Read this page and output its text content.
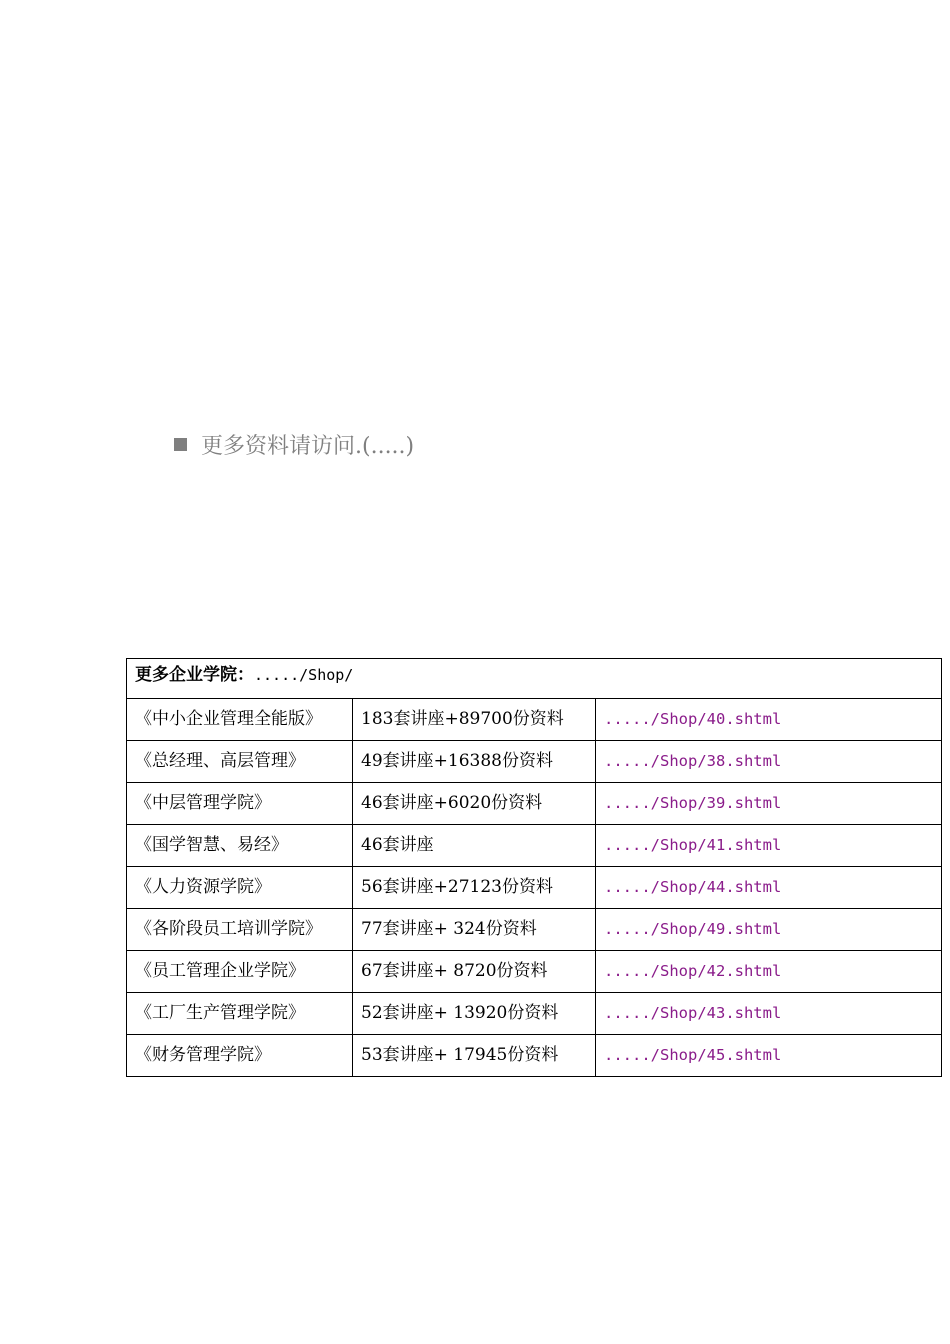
更多资料请访问.(.....)
更多企业学院：...../Shop/		
《中小企业管理全能版》	183套讲座+89700份资料	...../Shop/40.shtml
《总经理、高层管理》	49套讲座+16388份资料	...../Shop/38.shtml
《中层管理学院》	46套讲座+6020份资料	...../Shop/39.shtml
《国学智慧、易经》	46套讲座	...../Shop/41.shtml
《人力资源学院》	56套讲座+27123份资料	...../Shop/44.shtml
《各阶段员工培训学院》	77套讲座+ 324份资料	...../Shop/49.shtml
《员工管理企业学院》	67套讲座+ 8720份资料	...../Shop/42.shtml
《工厂生产管理学院》	52套讲座+ 13920份资料	...../Shop/43.shtml
《财务管理学院》	53套讲座+ 17945份资料	...../Shop/45.shtml
